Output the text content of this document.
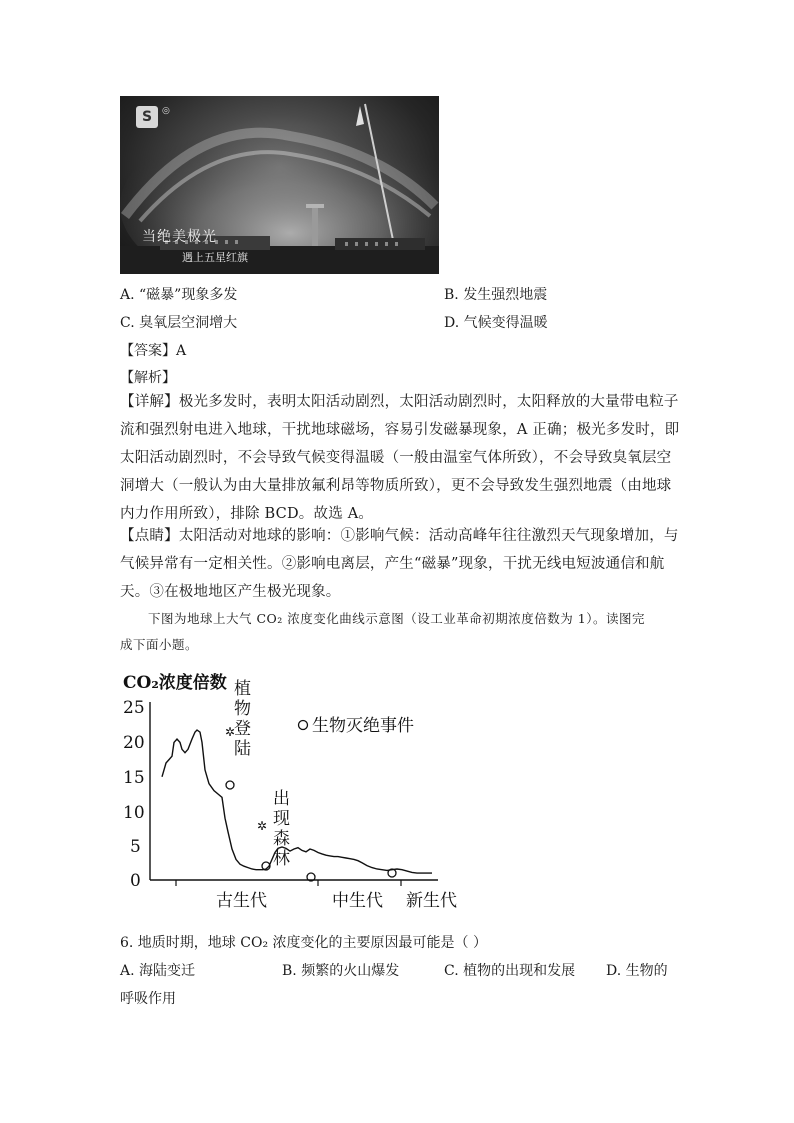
S	◎
当绝美极光
遇上五星红旗
A. “磁暴”现象多发	B. 发生强烈地震
C. 臭氧层空洞增大	D. 气候变得温暖
【答案】A
【解析】
【详解】极光多发时，表明太阳活动剧烈，太阳活动剧烈时，太阳释放的大量带电粒子流和强烈射电进入地球，干扰地球磁场，容易引发磁暴现象，A 正确；极光多发时，即太阳活动剧烈时，不会导致气候变得温暖（一般由温室气体所致），不会导致臭氧层空洞增大（一般认为由大量排放氟利昂等物质所致），更不会导致发生强烈地震（由地球内力作用所致），排除 BCD。故选 A。
【点睛】太阳活动对地球的影响：①影响气候：活动高峰年往往激烈天气现象增加，与气候异常有一定相关性。②影响电离层，产生“磁暴”现象，干扰无线电短波通信和航天。③在极地地区产生极光现象。
下图为地球上大气 CO₂ 浓度变化曲线示意图（设工业革命初期浓度倍数为 1）。读图完
成下面小题。
CO₂浓度倍数
25
20
15
10
5
0
古生代	中生代 新生代
植
物
登
陆
✲
出
现
森
林
✲
生物灭绝事件
6. 地质时期，地球 CO₂ 浓度变化的主要原因最可能是（ ）
A. 海陆变迁	B. 频繁的火山爆发	C. 植物的出现和发展 D. 生物的
呼吸作用
